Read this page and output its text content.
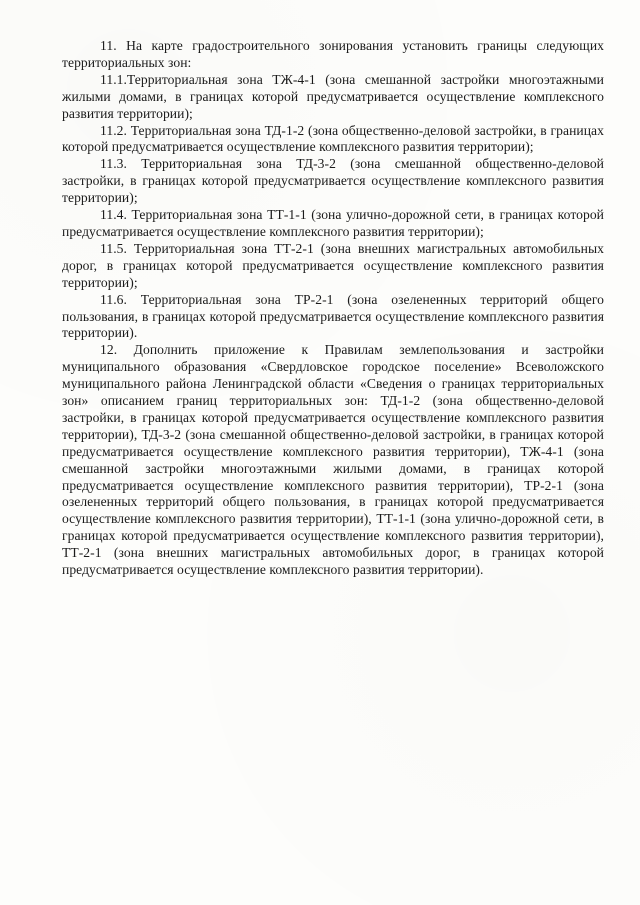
11. На карте градостроительного зонирования установить границы следующих территориальных зон:

11.1.Территориальная зона ТЖ-4-1 (зона смешанной застройки многоэтажными жилыми домами, в границах которой предусматривается осуществление комплексного развития территории);

11.2. Территориальная зона ТД-1-2 (зона общественно-деловой застройки, в границах которой предусматривается осуществление комплексного развития территории);

11.3. Территориальная зона ТД-3-2 (зона смешанной общественно-деловой застройки, в границах которой предусматривается осуществление комплексного развития территории);

11.4. Территориальная зона ТТ-1-1 (зона улично-дорожной сети, в границах которой предусматривается осуществление комплексного развития территории);

11.5. Территориальная зона ТТ-2-1 (зона внешних магистральных автомобильных дорог, в границах которой предусматривается осуществление комплексного развития территории);

11.6. Территориальная зона ТР-2-1 (зона озелененных территорий общего пользования, в границах которой предусматривается осуществление комплексного развития территории).

12. Дополнить приложение к Правилам землепользования и застройки муниципального образования «Свердловское городское поселение» Всеволожского муниципального района Ленинградской области «Сведения о границах территориальных зон» описанием границ территориальных зон: ТД-1-2 (зона общественно-деловой застройки, в границах которой предусматривается осуществление комплексного развития территории), ТД-3-2 (зона смешанной общественно-деловой застройки, в границах которой предусматривается осуществление комплексного развития территории), ТЖ-4-1 (зона смешанной застройки многоэтажными жилыми домами, в границах которой предусматривается осуществление комплексного развития территории), ТР-2-1 (зона озелененных территорий общего пользования, в границах которой предусматривается осуществление комплексного развития территории), ТТ-1-1 (зона улично-дорожной сети, в границах которой предусматривается осуществление комплексного развития территории), ТТ-2-1 (зона внешних магистральных автомобильных дорог, в границах которой предусматривается осуществление комплексного развития территории).
